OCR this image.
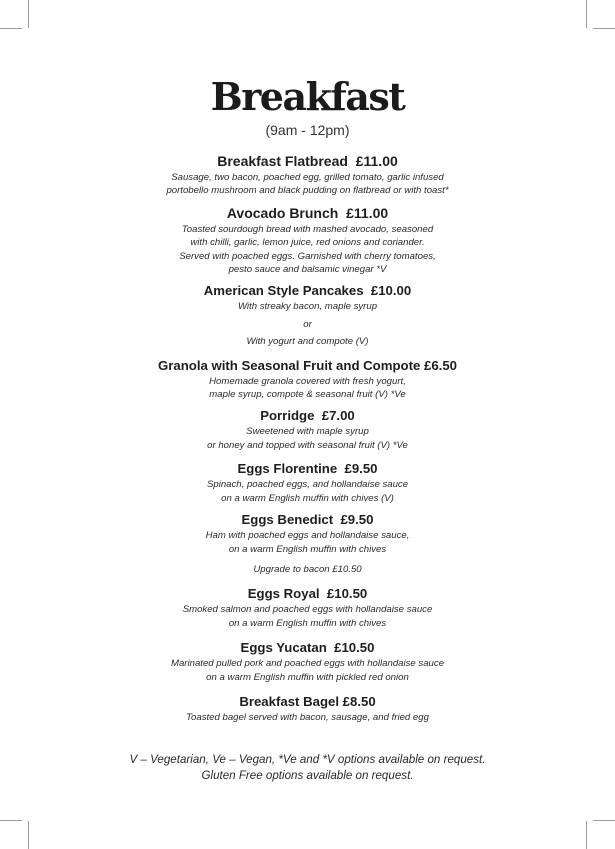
Breakfast
(9am - 12pm)

Breakfast Flatbread £11.00

Sausage, two bacon, poached egg, grilled tomato, garlic infused

portobello mushroom and black pudding on flatbread or with toast*

Avocado Brunch £11.00

Toasted sourdough bread with mashed avocado, seasoned

with chilli, garlic, lemon juice, red onions and coriander.

Served with poached eggs. Garnished with cherry tomatoes,

pesto sauce and balsamic vinegar *V

American Style Pancakes £10.00

With streaky bacon, maple syrup

or

With yogurt and compote (V)

Granola with Seasonal Fruit and Compote £6.50

Homemade granola covered with fresh yogurt,

maple syrup, compote & seasonal fruit (V) *Ve

Porridge £7.00

Sweetened with maple syrup

or honey and topped with seasonal fruit (V) *Ve

Eggs Florentine £9.50

Spinach, poached eggs, and hollandaise sauce

on a warm English muffin with chives (V)

Eggs Benedict £9.50

Ham with poached eggs and hollandaise sauce,

on a warm English muffin with chives

Upgrade to bacon £10.50

Eggs Royal £10.50

Smoked salmon and poached eggs with hollandaise sauce

on a warm English muffin with chives

Eggs Yucatan £10.50

Marinated pulled pork and poached eggs with hollandaise sauce

on a warm English muffin with pickled red onion

Breakfast Bagel £8.50

Toasted bagel served with bacon, sausage, and fried egg

V – Vegetarian, Ve – Vegan, *Ve and *V options available on request.
Gluten Free options available on request.
